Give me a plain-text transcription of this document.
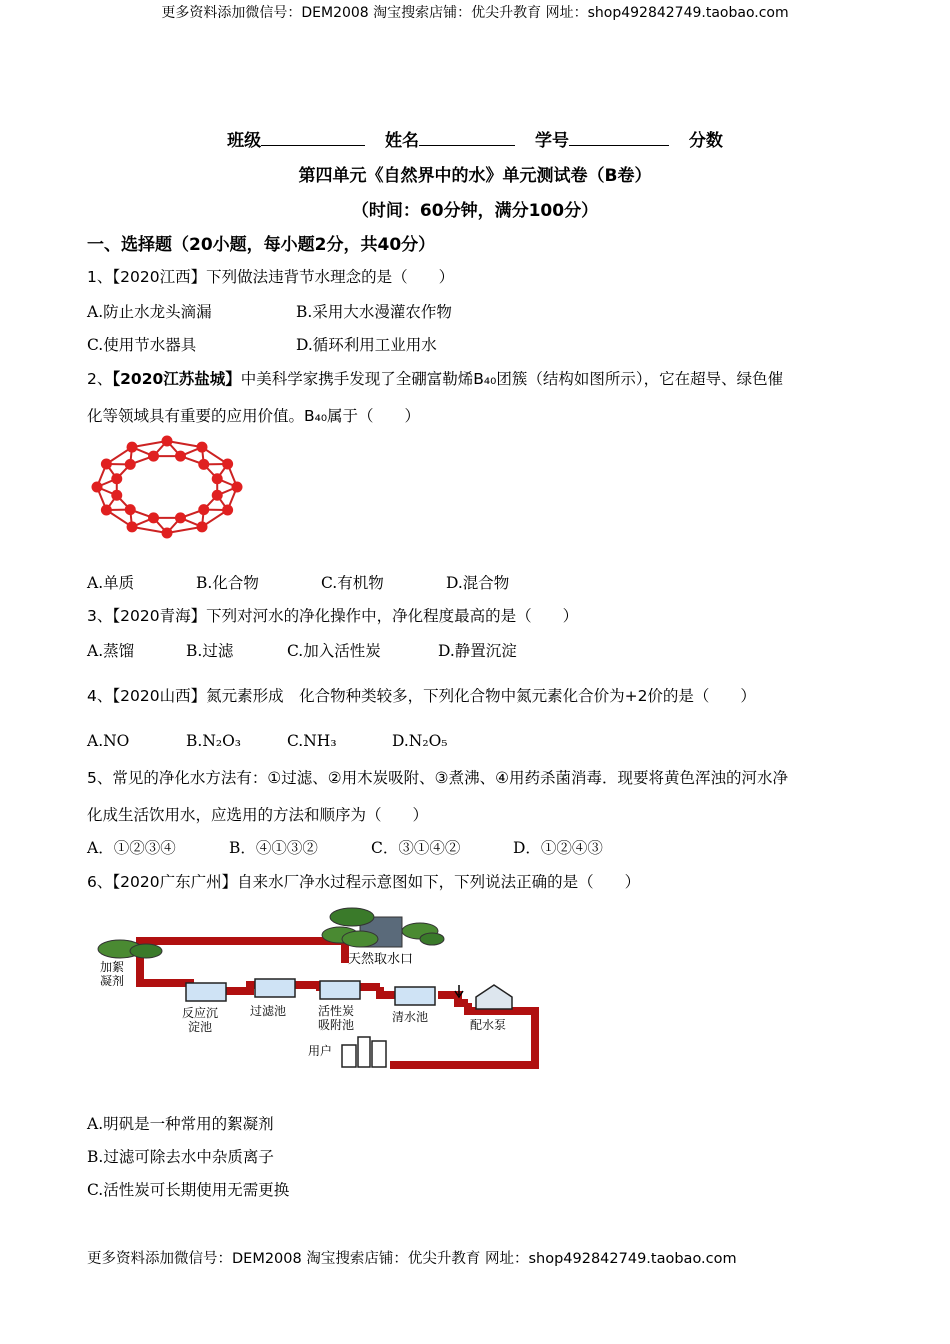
更多资料添加微信号：DEM2008 淘宝搜索店铺：优尖升教育 网址：shop492842749.taobao.com
班级	姓名	学号	分数
第四单元《自然界中的水》单元测试卷（B卷）
（时间：60分钟，满分100分）
一、选择题（20小题，每小题2分，共40分）
1、【2020江西】下列做法违背节水理念的是（　　）
A.防止水龙头滴漏	B.采用大水漫灌农作物
C.使用节水器具	D.循环利用工业用水
2、【2020江苏盐城】中美科学家携手发现了全硼富勒烯B₄₀团簇（结构如图所示），它在超导、绿色催
化等领域具有重要的应用价值。B₄₀属于（　　）
A.单质	B.化合物	C.有机物	D.混合物
3、【2020青海】下列对河水的净化操作中，净化程度最高的是（　　）
A.蒸馏	B.过滤	C.加入活性炭	D.静置沉淀
4、【2020山西】氮元素形成　化合物种类较多，下列化合物中氮元素化合价为+2价的是（　　）
A.NO	B.N₂O₃	C.NH₃	D.N₂O₅
5、常见的净化水方法有：①过滤、②用木炭吸附、③煮沸、④用药杀菌消毒．现要将黄色浑浊的河水净
化成生活饮用水，应选用的方法和顺序为（　　）
A．①②③④	B．④①③②	C．③①④②	D．①②④③
6、【2020广东广州】自来水厂净水过程示意图如下，下列说法正确的是（　　）
天然取水口
加絮
凝剂
反应沉
淀池
过滤池	活性炭
吸附池
清水池
配水泵
用户
A.明矾是一种常用的絮凝剂
B.过滤可除去水中杂质离子
C.活性炭可长期使用无需更换
更多资料添加微信号：DEM2008 淘宝搜索店铺：优尖升教育 网址：shop492842749.taobao.com
